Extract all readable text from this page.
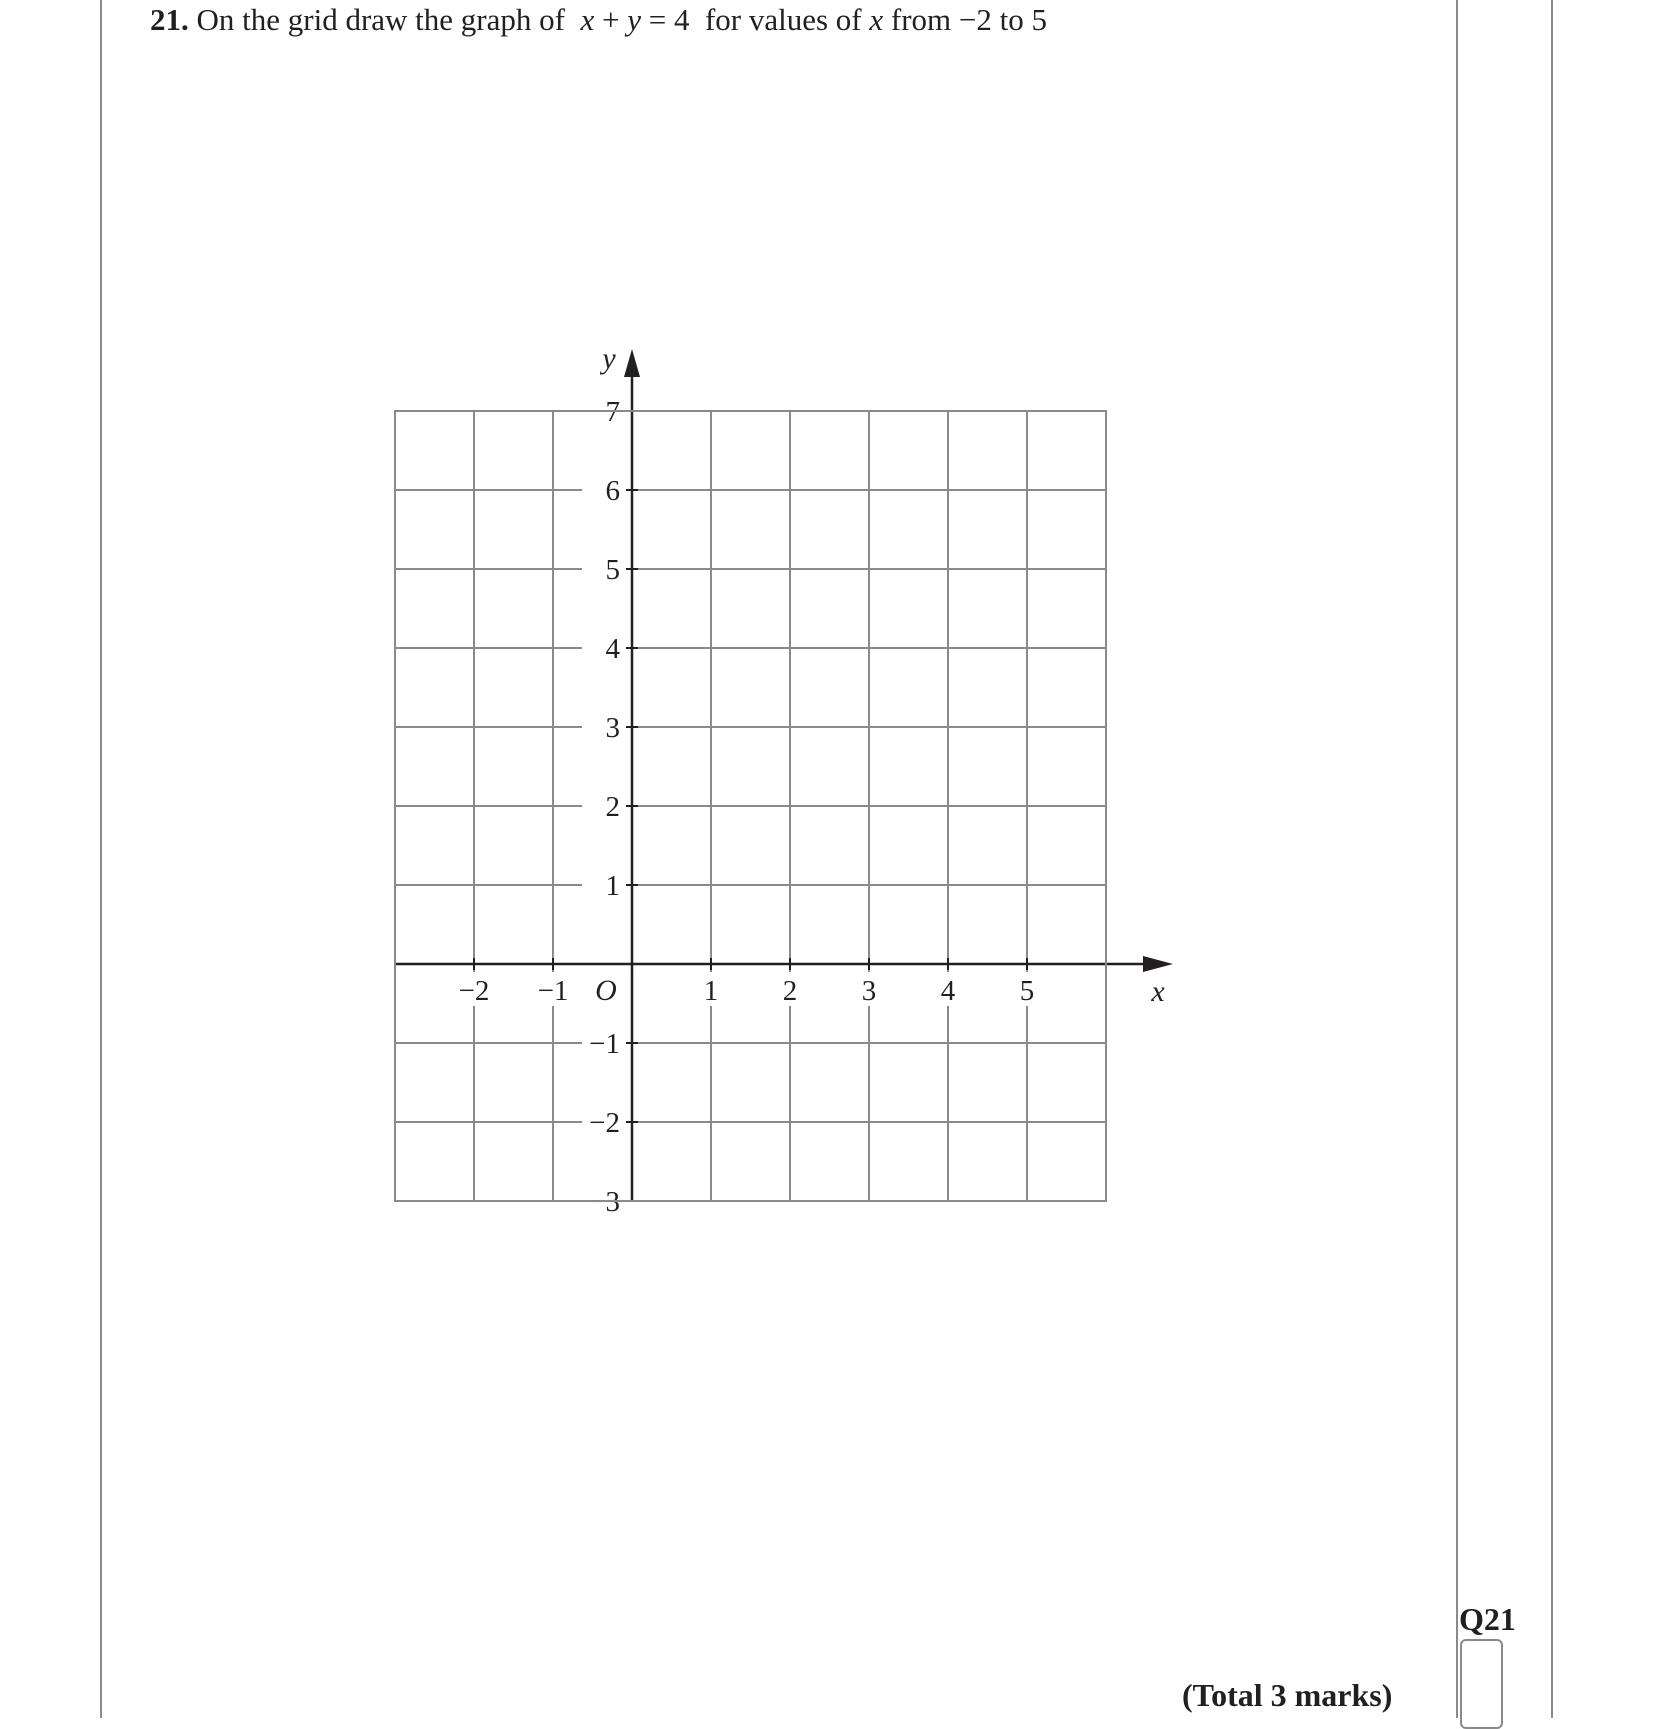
21. On the grid draw the graph of x + y = 4 for values of x from −2 to 5
7
6
5
4
3
2
1
−1
−2
−3
−2 −1	1 2 3 4 5
O	x
y
Q21
(Total 3 marks)
